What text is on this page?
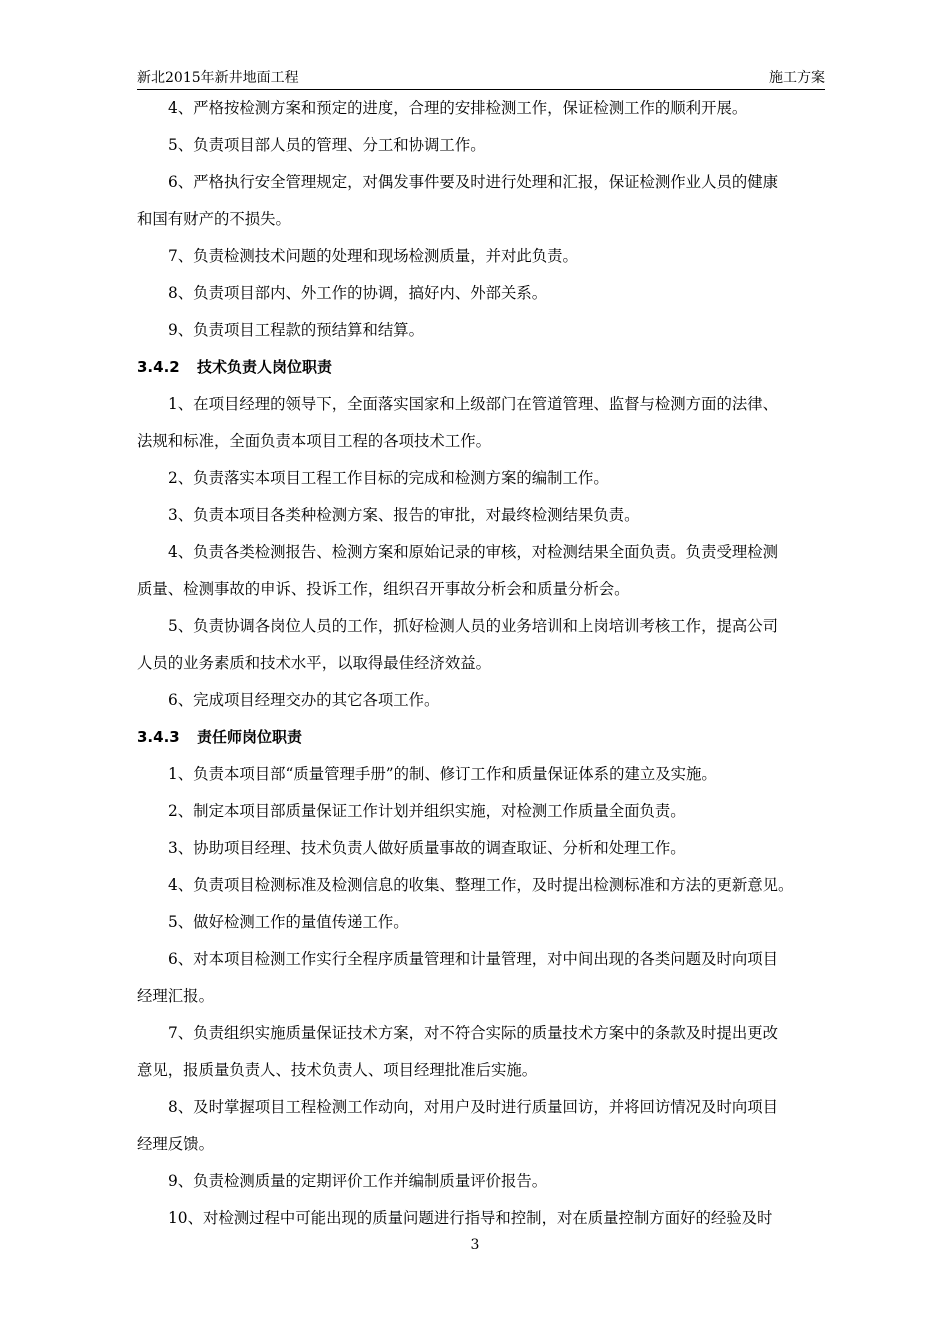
新北2015年新井地面工程	施工方案

4、严格按检测方案和预定的进度，合理的安排检测工作，保证检测工作的顺利开展。

5、负责项目部人员的管理、分工和协调工作。

6、严格执行安全管理规定，对偶发事件要及时进行处理和汇报，保证检测作业人员的健康

和国有财产的不损失。

7、负责检测技术问题的处理和现场检测质量，并对此负责。

8、负责项目部内、外工作的协调，搞好内、外部关系。

9、负责项目工程款的预结算和结算。

3.4.2 技术负责人岗位职责

1、在项目经理的领导下，全面落实国家和上级部门在管道管理、监督与检测方面的法律、

法规和标准，全面负责本项目工程的各项技术工作。

2、负责落实本项目工程工作目标的完成和检测方案的编制工作。

3、负责本项目各类种检测方案、报告的审批，对最终检测结果负责。

4、负责各类检测报告、检测方案和原始记录的审核，对检测结果全面负责。负责受理检测

质量、检测事故的申诉、投诉工作，组织召开事故分析会和质量分析会。

5、负责协调各岗位人员的工作，抓好检测人员的业务培训和上岗培训考核工作，提高公司

人员的业务素质和技术水平，以取得最佳经济效益。

6、完成项目经理交办的其它各项工作。

3.4.3 责任师岗位职责

1、负责本项目部“质量管理手册”的制、修订工作和质量保证体系的建立及实施。

2、制定本项目部质量保证工作计划并组织实施，对检测工作质量全面负责。

3、协助项目经理、技术负责人做好质量事故的调查取证、分析和处理工作。

4、负责项目检测标准及检测信息的收集、整理工作，及时提出检测标准和方法的更新意见。

5、做好检测工作的量值传递工作。

6、对本项目检测工作实行全程序质量管理和计量管理，对中间出现的各类问题及时向项目

经理汇报。

7、负责组织实施质量保证技术方案，对不符合实际的质量技术方案中的条款及时提出更改

意见，报质量负责人、技术负责人、项目经理批准后实施。

8、及时掌握项目工程检测工作动向，对用户及时进行质量回访，并将回访情况及时向项目

经理反馈。

9、负责检测质量的定期评价工作并编制质量评价报告。

10、对检测过程中可能出现的质量问题进行指导和控制，对在质量控制方面好的经验及时

3
